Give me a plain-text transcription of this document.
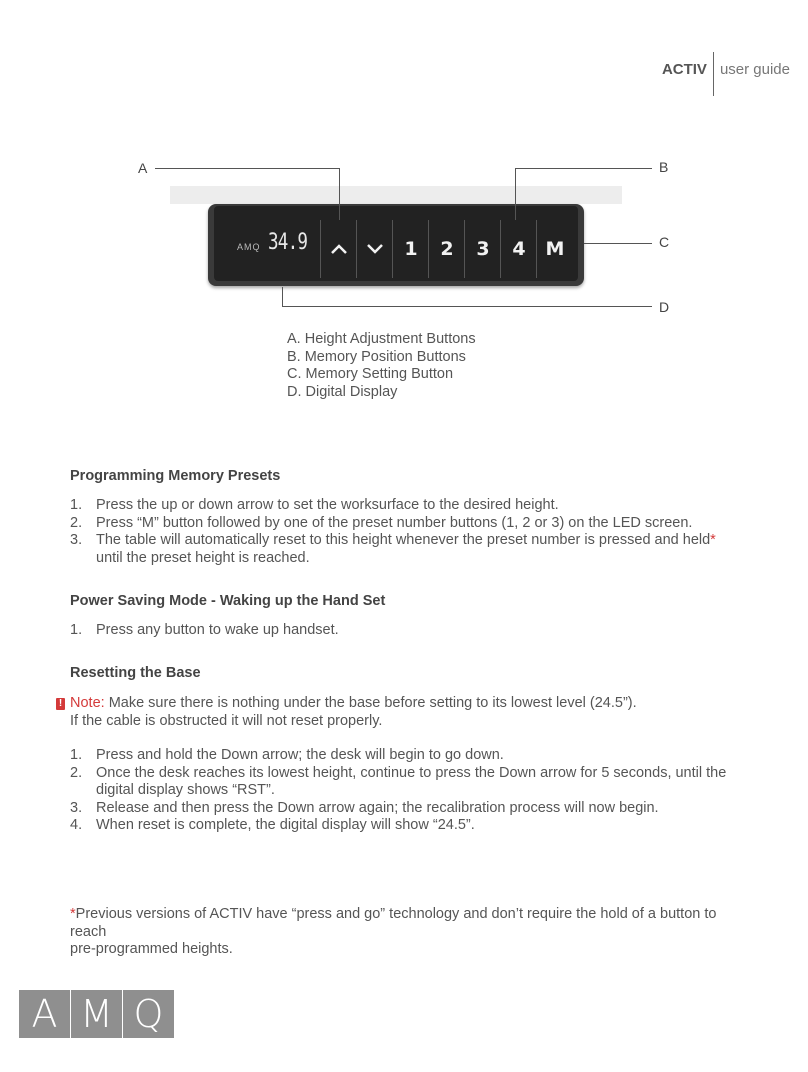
ACTIV user guide
AMQ 34.9	1	2	3	4	M
A	B
C
D
A. Height Adjustment Buttons
B. Memory Position Buttons
C. Memory Setting Button
D. Digital Display
Programming Memory Presets
1. Press the up or down arrow to set the worksurface to the desired height.
2. Press “M” button followed by one of the preset number buttons (1, 2 or 3) on the LED screen.
3. The table will automatically reset to this height whenever the preset number is pressed and held*
until the preset height is reached.
Power Saving Mode - Waking up the Hand Set
1. Press any button to wake up handset.
Resetting the Base
! Note: Make sure there is nothing under the base before setting to its lowest level (24.5”).
If the cable is obstructed it will not reset properly.
1. Press and hold the Down arrow; the desk will begin to go down.
2. Once the desk reaches its lowest height, continue to press the Down arrow for 5 seconds, until the
digital display shows “RST”.
3. Release and then press the Down arrow again; the recalibration process will now begin.
4. When reset is complete, the digital display will show “24.5”.
*Previous versions of ACTIV have “press and go” technology and don’t require the hold of a button to reach
pre-programmed heights.
A M Q
